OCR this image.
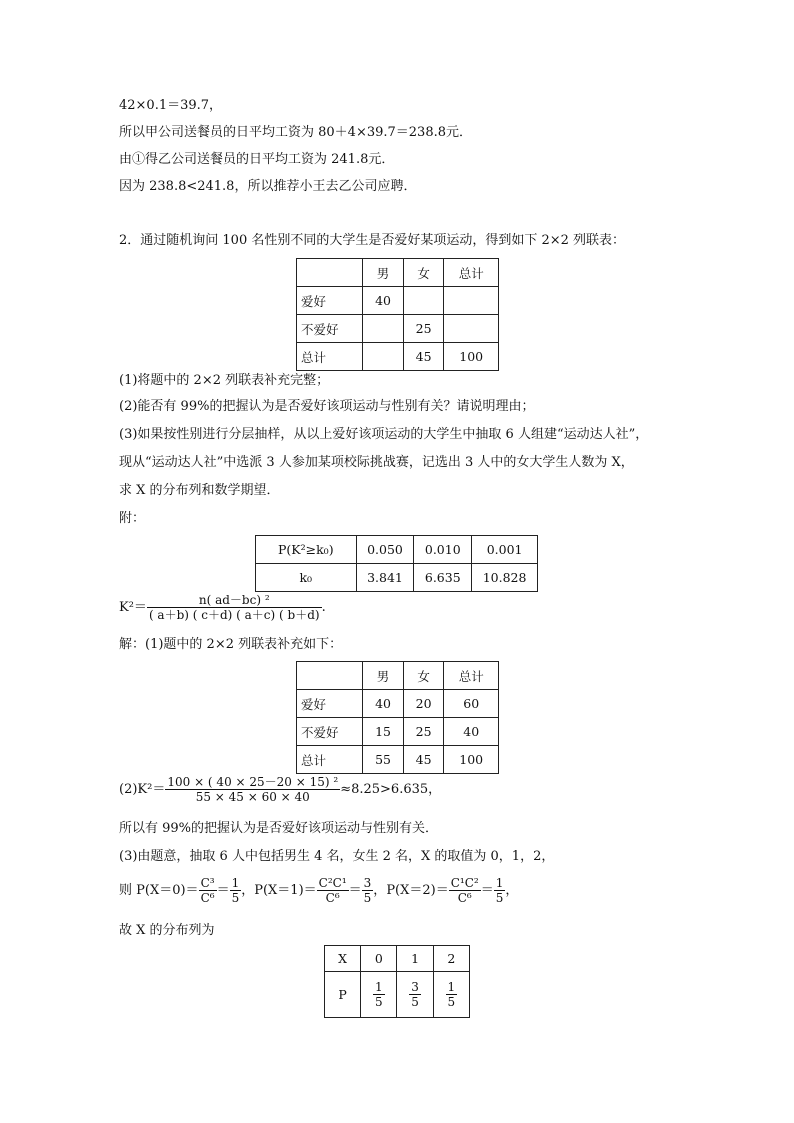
42×0.1＝39.7，
所以甲公司送餐员的日平均工资为 80＋4×39.7＝238.8元．
由①得乙公司送餐员的日平均工资为 241.8元．
因为 238.8<241.8，所以推荐小王去乙公司应聘．
2．通过随机询问 100 名性别不同的大学生是否爱好某项运动，得到如下 2×2 列联表：
	男	女	总计
爱好	40		
不爱好		25	
总计		45	100
(1)将题中的 2×2 列联表补充完整；
(2)能否有 99%的把握认为是否爱好该项运动与性别有关？请说明理由；
(3)如果按性别进行分层抽样，从以上爱好该项运动的大学生中抽取 6 人组建“运动达人社”，
现从“运动达人社”中选派 3 人参加某项校际挑战赛，记选出 3 人中的女大学生人数为 X，
求 X 的分布列和数学期望．
附：
P(K²≥k₀)	0.050	0.010	0.001
k₀	3.841	6.635	10.828
$K^2= \frac{\text{n( ad－bc) ²}}{( a+b) ( c+d) ( a+c) ( b+d)}$ .
解：(1)题中的 2×2 列联表补充如下：
	男	女	总计
爱好	40	20	60
不爱好	15	25	40
总计	55	45	100
$(2)K^2= \frac{\text{100 × ( 40 × 25－20 × 15) ²}}{55 \times 45 \times 60 \times 40} \approx 8.25>6.635$，
所以有 99%的把握认为是否爱好该项运动与性别有关．
(3)由题意，抽取 6 人中包括男生 4 名，女生 2 名，X 的取值为 0，1，2，
则 $P(X=0)= \frac{\text{C³}}{\text{C⁶}} = \frac{1}{5}$ ，$P(X=1)= \frac{\text{C²C¹}}{\text{C⁶}} = \frac{3}{5}$ ，$P(X=2)= \frac{\text{C¹C²}}{\text{C⁶}} = \frac{1}{5}$ ，
故 X 的分布列为
X	0	1	2
P	$\frac{1}{5}$	$\frac{3}{5}$	$\frac{1}{5}$
